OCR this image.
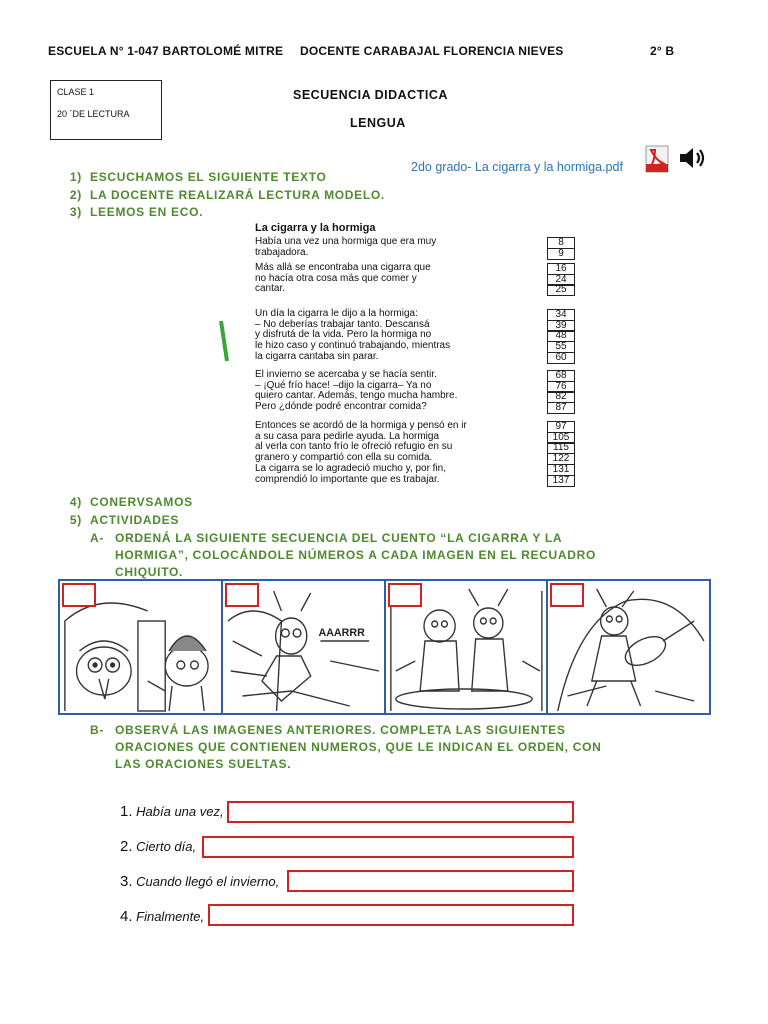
ESCUELA N° 1-047 BARTOLOMÉ MITRE DOCENTE CARABAJAL FLORENCIA NIEVES	2° B
CLASE 1
20 ´DE LECTURA
SECUENCIA DIDACTICA
LENGUA
2do grado- La cigarra y la hormiga.pdf
1) ESCUCHAMOS EL SIGUIENTE TEXTO
2) LA DOCENTE REALIZARÁ LECTURA MODELO.
3) LEEMOS EN ECO.
La cigarra y la hormiga
Había una vez una hormiga que era muy	8
trabajadora.	9
Más allá se encontraba una cigarra que	16
no hacía otra cosa más que comer y	24
cantar.	25
Un día la cigarra le dijo a la hormiga:	34
– No deberías trabajar tanto. Descansá	39
y disfrutá de la vida. Pero la hormiga no	48
le hizo caso y continuó trabajando, mientras	55
la cigarra cantaba sin parar.	60
El invierno se acercaba y se hacía sentir.	68
– ¡Qué frío hace! –dijo la cigarra– Ya no	76
quiero cantar. Además, tengo mucha hambre.	82
Pero ¿dónde podré encontrar comida?	87
Entonces se acordó de la hormiga y pensó en ir	97
a su casa para pedirle ayuda. La hormiga	105
al verla con tanto frío le ofreció refugio en su	115
granero y compartió con ella su comida.	122
La cigarra se lo agradeció mucho y, por fin,	131
comprendió lo importante que es trabajar.	137
4) CONERVSAMOS
5) ACTIVIDADES
A- ORDENÁ LA SIGUIENTE SECUENCIA DEL CUENTO “LA CIGARRA Y LA
HORMIGA”, COLOCÁNDOLE NÚMEROS A CADA IMAGEN EN EL RECUADRO
CHIQUITO.
AAARRR
B- OBSERVÁ LAS IMAGENES ANTERIORES. COMPLETA LAS SIGUIENTES
ORACIONES QUE CONTIENEN NUMEROS, QUE LE INDICAN EL ORDEN, CON
LAS ORACIONES SUELTAS.
1. Había una vez,
2. Cierto día,
3. Cuando llegó el invierno,
4. Finalmente,
